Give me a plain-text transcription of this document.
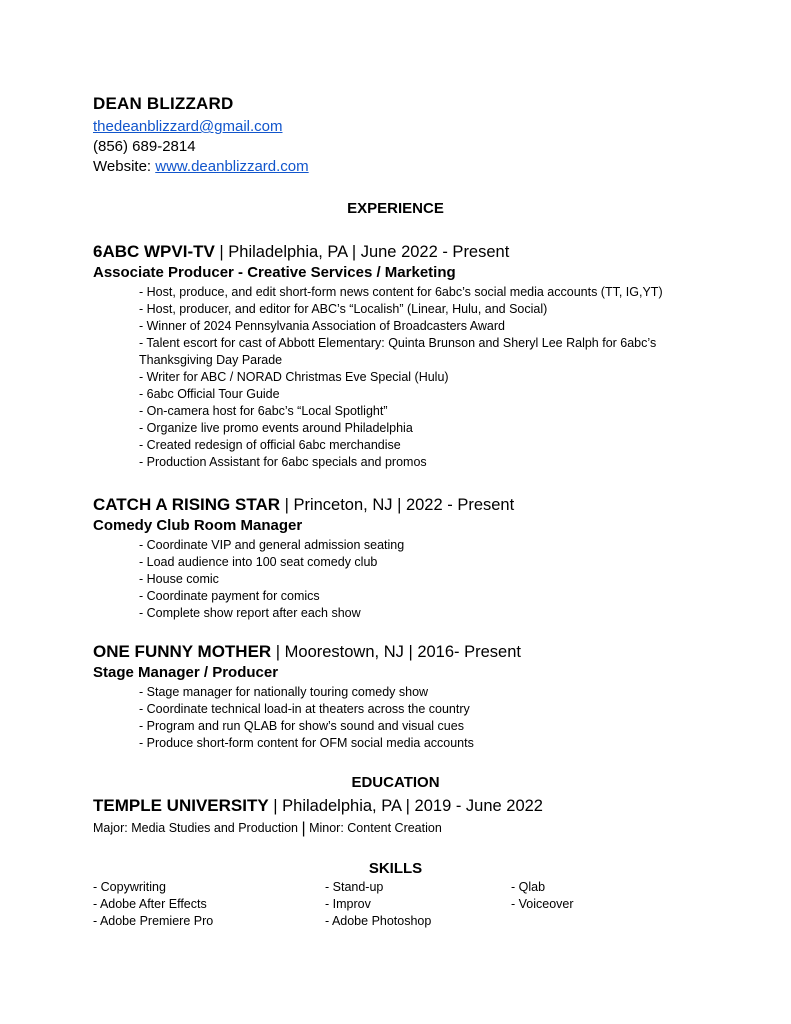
DEAN BLIZZARD
thedeanblizzard@gmail.com
(856) 689-2814
Website: www.deanblizzard.com
EXPERIENCE
6ABC WPVI-TV | Philadelphia, PA | June 2022 - Present
Associate Producer - Creative Services / Marketing
- Host, produce, and edit short-form news content for 6abc’s social media accounts (TT, IG,YT)
- Host, producer, and editor for ABC’s “Localish” (Linear, Hulu, and Social)
- Winner of 2024 Pennsylvania Association of Broadcasters Award
- Talent escort for cast of Abbott Elementary: Quinta Brunson and Sheryl Lee Ralph for 6abc’s Thanksgiving Day Parade
- Writer for ABC / NORAD Christmas Eve Special (Hulu)
- 6abc Official Tour Guide
- On-camera host for 6abc’s “Local Spotlight”
- Organize live promo events around Philadelphia
- Created redesign of official 6abc merchandise
- Production Assistant for 6abc specials and promos
CATCH A RISING STAR | Princeton, NJ | 2022 - Present
Comedy Club Room Manager
- Coordinate VIP and general admission seating
- Load audience into 100 seat comedy club
- House comic
- Coordinate payment for comics
- Complete show report after each show
ONE FUNNY MOTHER | Moorestown, NJ | 2016- Present
Stage Manager / Producer
- Stage manager for nationally touring comedy show
- Coordinate technical load-in at theaters across the country
- Program and run QLAB for show’s sound and visual cues
- Produce short-form content for OFM social media accounts
EDUCATION
TEMPLE UNIVERSITY | Philadelphia, PA | 2019 - June 2022
Major: Media Studies and Production | Minor: Content Creation
SKILLS
- Copywriting
- Adobe After Effects
- Adobe Premiere Pro
- Stand-up
- Improv
- Adobe Photoshop
- Qlab
- Voiceover
